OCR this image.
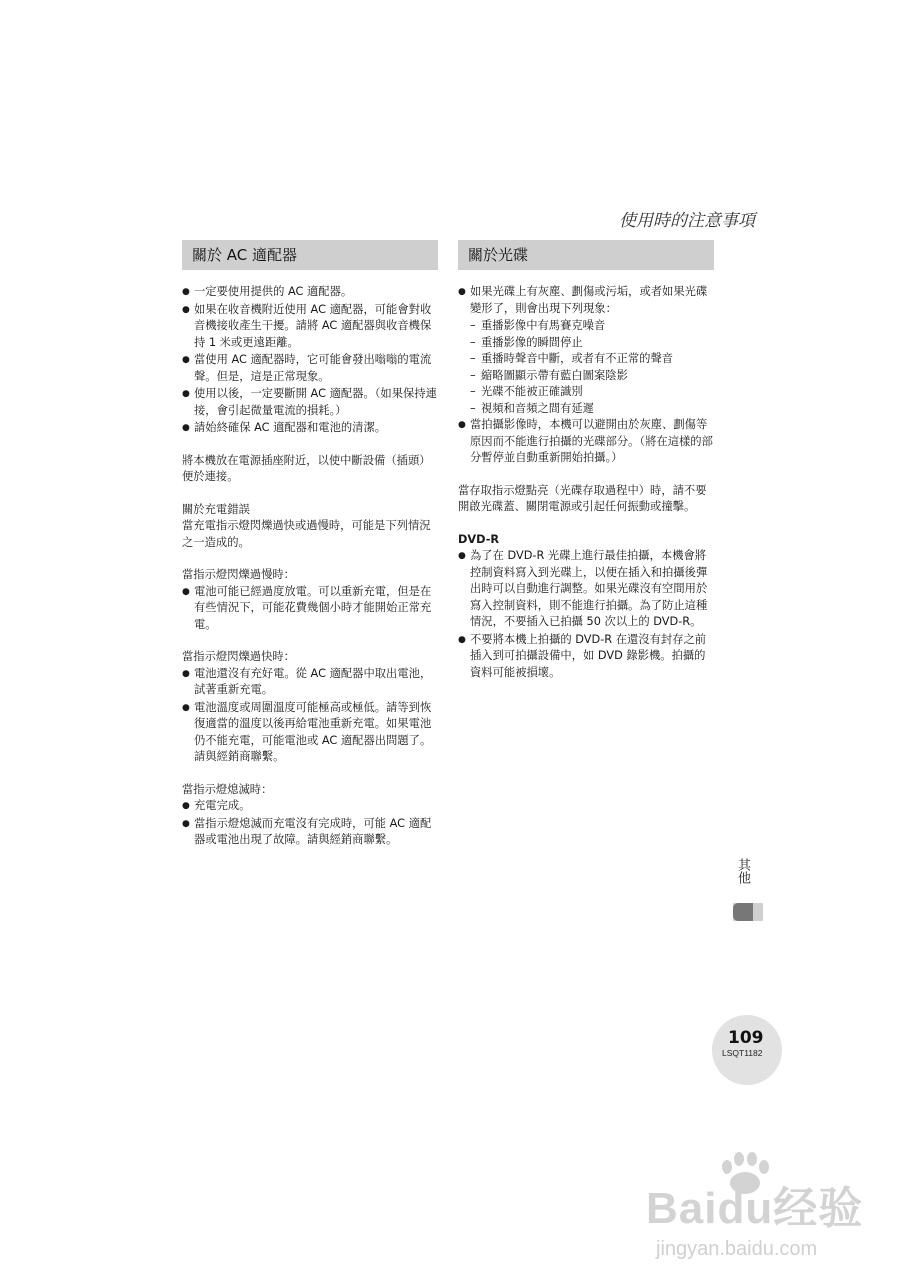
使用時的注意事項
關於 AC 適配器
● 一定要使用提供的 AC 適配器。
● 如果在收音機附近使用 AC 適配器，可能會對收音機接收產生干擾。請將 AC 適配器與收音機保持 1 米或更遠距離。
● 當使用 AC 適配器時，它可能會發出嗡嗡的電流聲。但是，這是正常現象。
● 使用以後，一定要斷開 AC 適配器。（如果保持連接，會引起微量電流的損耗。）
● 請始終確保 AC 適配器和電池的清潔。

將本機放在電源插座附近，以使中斷設備（插頭）便於連接。

關於充電錯誤

當充電指示燈閃爍過快或過慢時，可能是下列情況之一造成的。

當指示燈閃爍過慢時：

● 電池可能已經過度放電。可以重新充電，但是在有些情況下，可能花費幾個小時才能開始正常充電。

當指示燈閃爍過快時：

● 電池還沒有充好電。從 AC 適配器中取出電池，試著重新充電。
● 電池溫度或周圍溫度可能極高或極低。請等到恢復適當的溫度以後再給電池重新充電。如果電池仍不能充電，可能電池或 AC 適配器出問題了。請與經銷商聯繫。

當指示燈熄滅時：

● 充電完成。
● 當指示燈熄滅而充電沒有完成時，可能 AC 適配器或電池出現了故障。請與經銷商聯繫。
關於光碟
● 如果光碟上有灰塵、劃傷或污垢，或者如果光碟變形了，則會出現下列現象：
– 重播影像中有馬賽克噪音
– 重播影像的瞬間停止
– 重播時聲音中斷，或者有不正常的聲音
– 縮略圖顯示帶有藍白圖案陰影
– 光碟不能被正確識別
– 視頻和音頻之間有延遲
● 當拍攝影像時，本機可以避開由於灰塵、劃傷等原因而不能進行拍攝的光碟部分。（將在這樣的部分暫停並自動重新開始拍攝。）

當存取指示燈點亮（光碟存取過程中）時，請不要開啟光碟蓋、關閉電源或引起任何振動或撞擊。

DVD-R

● 為了在 DVD-R 光碟上進行最佳拍攝，本機會將控制資料寫入到光碟上，以便在插入和拍攝後彈出時可以自動進行調整。如果光碟沒有空間用於寫入控制資料，則不能進行拍攝。為了防止這種情況，不要插入已拍攝 50 次以上的 DVD-R。
● 不要將本機上拍攝的 DVD-R 在還沒有封存之前插入到可拍攝設備中，如 DVD 錄影機。拍攝的資料可能被損壞。
其他
109
LSQT1182
Baidu经验
jingyan.baidu.com
